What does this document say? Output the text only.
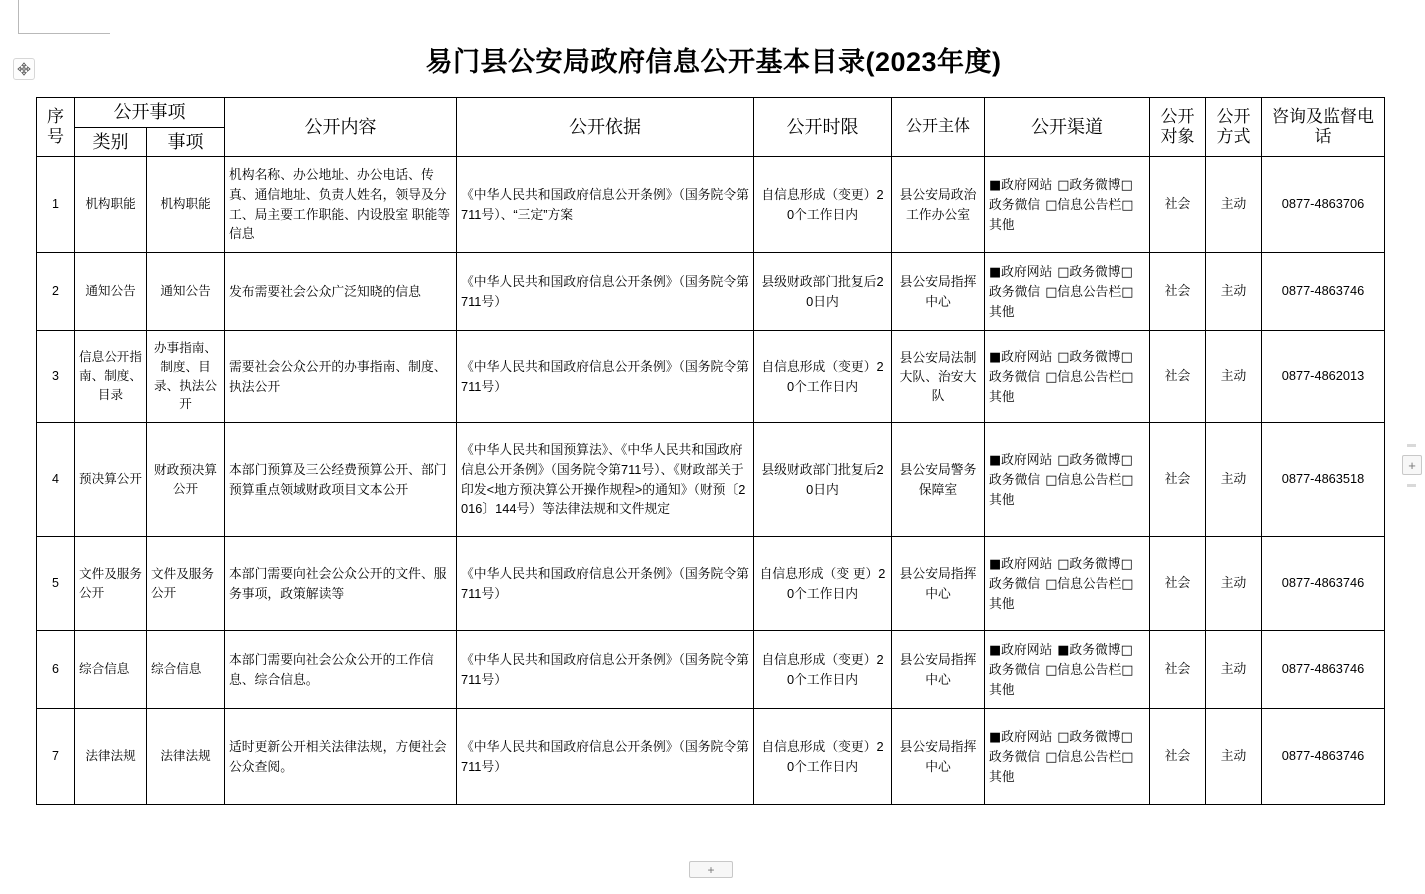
+
+
易门县公安局政府信息公开基本目录(2023年度)
序号	公开事项		公开内容	公开依据	公开时限	公开主体	公开渠道	公开对象	公开方式	咨询及监督电话
	类别	事项								
1	机构职能	机构职能	机构名称、办公地址、办公电话、传真、通信地址、负责人姓名，领导及分工、局主要工作职能、内设股室 职能等信息	《中华人民共和国政府信息公开条例》（国务院令第711号）、“三定”方案	自信息形成（变更）20个工作日内	县公安局政治工作办公室	■政府网站 □政务微博□政务微信 □信息公告栏□其他	社会	主动	0877-4863706
2	通知公告	通知公告	发布需要社会公众广泛知晓的信息	《中华人民共和国政府信息公开条例》（国务院令第711号）	县级财政部门批复后20日内	县公安局指挥中心	■政府网站 □政务微博□政务微信 □信息公告栏□其他	社会	主动	0877-4863746
3	信息公开指南、制度、目录	办事指南、制度、目录、执法公开	需要社会公众公开的办事指南、制度、执法公开	《中华人民共和国政府信息公开条例》（国务院令第711号）	自信息形成（变更）20个工作日内	县公安局法制大队、治安大队	■政府网站 □政务微博□政务微信 □信息公告栏□其他	社会	主动	0877-4862013
4	预决算公开	财政预决算公开	本部门预算及三公经费预算公开、部门预算重点领域财政项目文本公开	《中华人民共和国预算法》、《中华人民共和国政府信息公开条例》（国务院令第711号）、《财政部关于印发<地方预决算公开操作规程>的通知》（财预〔2016〕144号）等法律法规和文件规定	县级财政部门批复后20日内	县公安局警务保障室	■政府网站 □政务微博□政务微信 □信息公告栏□其他	社会	主动	0877-4863518
5	文件及服务公开	文件及服务公开	本部门需要向社会公众公开的文件、服务事项，政策解读等	《中华人民共和国政府信息公开条例》（国务院令第711号）	自信息形成（变 更）20个工作日内	县公安局指挥中心	■政府网站 □政务微博□政务微信 □信息公告栏□其他	社会	主动	0877-4863746
6	综合信息	综合信息	本部门需要向社会公众公开的工作信息、综合信息。	《中华人民共和国政府信息公开条例》（国务院令第711号）	自信息形成（变更）20个工作日内	县公安局指挥中心	■政府网站 ■政务微博□政务微信 □信息公告栏□其他	社会	主动	0877-4863746
7	法律法规	法律法规	适时更新公开相关法律法规，方便社会公众查阅。	《中华人民共和国政府信息公开条例》（国务院令第711号）	自信息形成（变更）20个工作日内	县公安局指挥中心	■政府网站 □政务微博□政务微信 □信息公告栏□其他	社会	主动	0877-4863746
